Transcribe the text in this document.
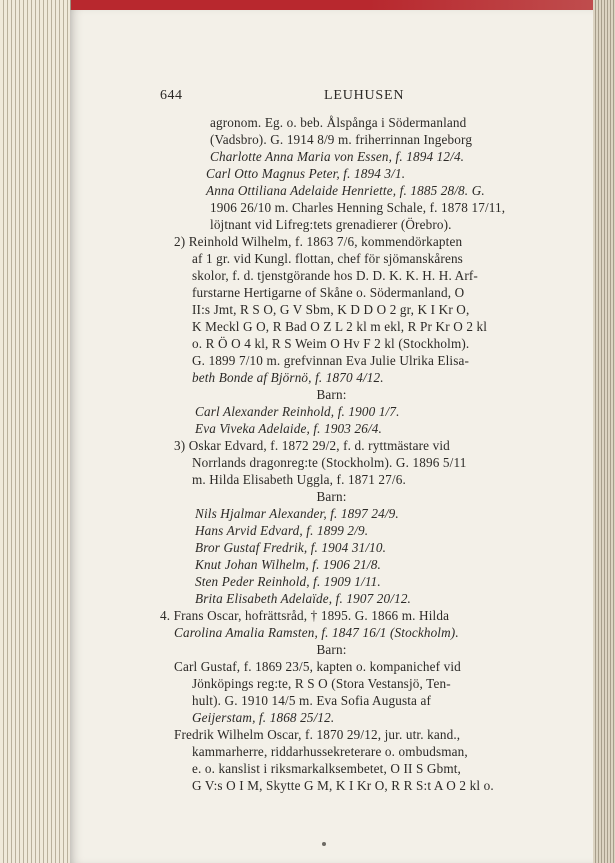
644	LEUHUSEN
agronom. Eg. o. beb. Ålspånga i Södermanland
(Vadsbro). G. 1914 8/9 m. friherrinnan Ingeborg
Charlotte Anna Maria von Essen, f. 1894 12/4.
Carl Otto Magnus Peter, f. 1894 3/1.
Anna Ottiliana Adelaide Henriette, f. 1885 28/8. G.
1906 26/10 m. Charles Henning Schale, f. 1878 17/11,
löjtnant vid Lifreg:tets grenadierer (Örebro).
2) Reinhold Wilhelm, f. 1863 7/6, kommendörkapten
af 1 gr. vid Kungl. flottan, chef för sjömanskårens
skolor, f. d. tjenstgörande hos D. D. K. K. H. H. Arf-
furstarne Hertigarne of Skåne o. Södermanland, O
II:s Jmt, R S O, G V Sbm, K D D O 2 gr, K I Kr O,
K Meckl G O, R Bad O Z L 2 kl m ekl, R Pr Kr O 2 kl
o. R Ö O 4 kl, R S Weim O Hv F 2 kl (Stockholm).
G. 1899 7/10 m. grefvinnan Eva Julie Ulrika Elisa-
beth Bonde af Björnö, f. 1870 4/12.
Barn:
Carl Alexander Reinhold, f. 1900 1/7.
Eva Viveka Adelaide, f. 1903 26/4.
3) Oskar Edvard, f. 1872 29/2, f. d. ryttmästare vid
Norrlands dragonreg:te (Stockholm). G. 1896 5/11
m. Hilda Elisabeth Uggla, f. 1871 27/6.
Barn:
Nils Hjalmar Alexander, f. 1897 24/9.
Hans Arvid Edvard, f. 1899 2/9.
Bror Gustaf Fredrik, f. 1904 31/10.
Knut Johan Wilhelm, f. 1906 21/8.
Sten Peder Reinhold, f. 1909 1/11.
Brita Elisabeth Adelaïde, f. 1907 20/12.
4. Frans Oscar, hofrättsråd, † 1895. G. 1866 m. Hilda
Carolina Amalia Ramsten, f. 1847 16/1 (Stockholm).
Barn:
Carl Gustaf, f. 1869 23/5, kapten o. kompanichef vid
Jönköpings reg:te, R S O (Stora Vestansjö, Ten-
hult). G. 1910 14/5 m. Eva Sofia Augusta af
Geijerstam, f. 1868 25/12.
Fredrik Wilhelm Oscar, f. 1870 29/12, jur. utr. kand.,
kammarherre, riddarhussekreterare o. ombudsman,
e. o. kanslist i riksmarkalksembetet, O II S Gbmt,
G V:s O I M, Skytte G M, K I Kr O, R R S:t A O 2 kl o.
